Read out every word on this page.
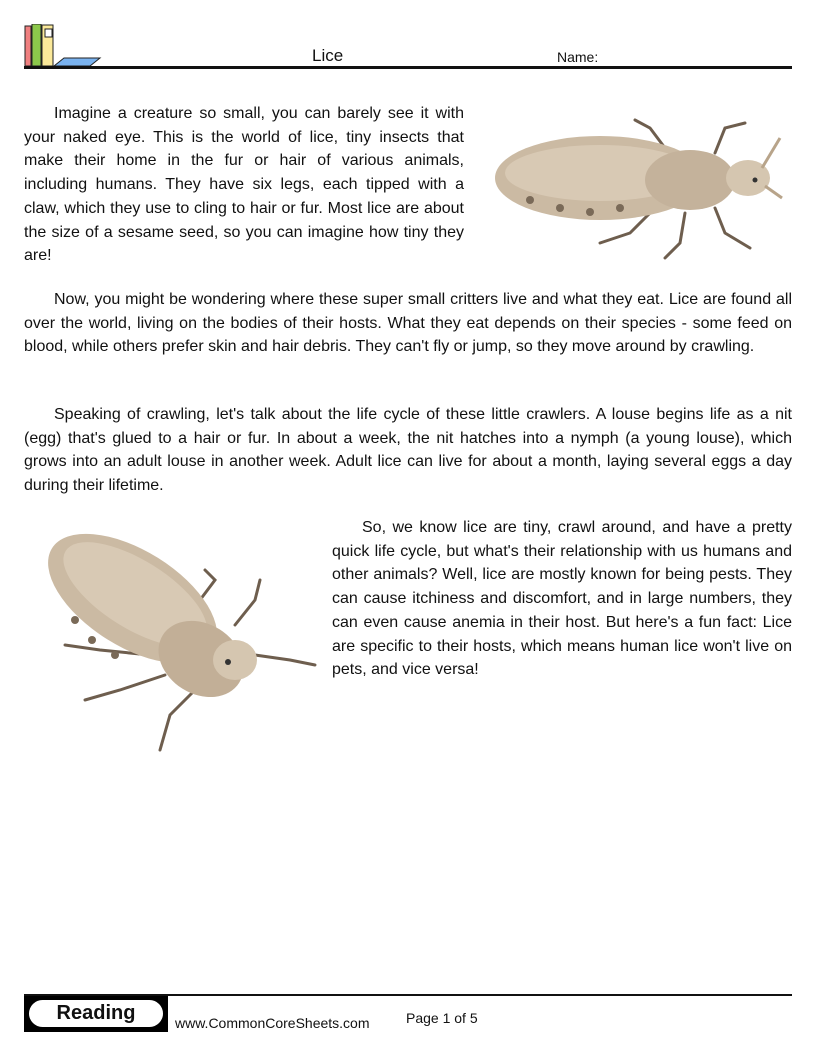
Lice	Name:

Imagine a creature so small, you can barely see it with your naked eye. This is the world of lice, tiny insects that make their home in the fur or hair of various animals, including humans. They have six legs, each tipped with a claw, which they use to cling to hair or fur. Most lice are about the size of a sesame seed, so you can imagine how tiny they are!

Now, you might be wondering where these super small critters live and what they eat. Lice are found all over the world, living on the bodies of their hosts. What they eat depends on their species - some feed on blood, while others prefer skin and hair debris. They can't fly or jump, so they move around by crawling.

Speaking of crawling, let's talk about the life cycle of these little crawlers. A louse begins life as a nit (egg) that's glued to a hair or fur. In about a week, the nit hatches into a nymph (a young louse), which grows into an adult louse in another week. Adult lice can live for about a month, laying several eggs a day during their lifetime.

So, we know lice are tiny, crawl around, and have a pretty quick life cycle, but what's their relationship with us humans and other animals? Well, lice are mostly known for being pests. They can cause itchiness and discomfort, and in large numbers, they can even cause anemia in their host. But here's a fun fact: Lice are specific to their hosts, which means human lice won't live on pets, and vice versa!

Reading	www.CommonCoreSheets.com	Page 1 of 5
